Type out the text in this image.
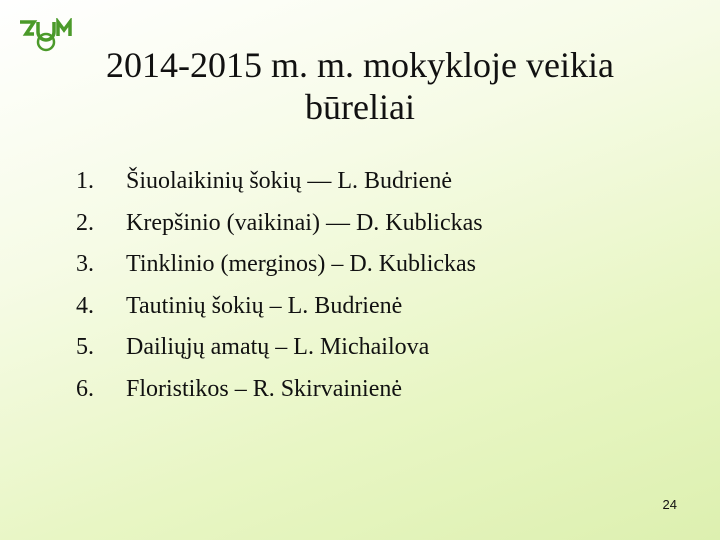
2014-2015 m. m. mokykloje veikia
būreliai
1.	Šiuolaikinių šokių — L. Budrienė
2.	Krepšinio (vaikinai) — D. Kublickas
3.	Tinklinio (merginos) – D. Kublickas
4.	Tautinių šokių – L. Budrienė
5.	Dailiųjų amatų – L. Michailova
6.	Floristikos – R. Skirvainienė
24
